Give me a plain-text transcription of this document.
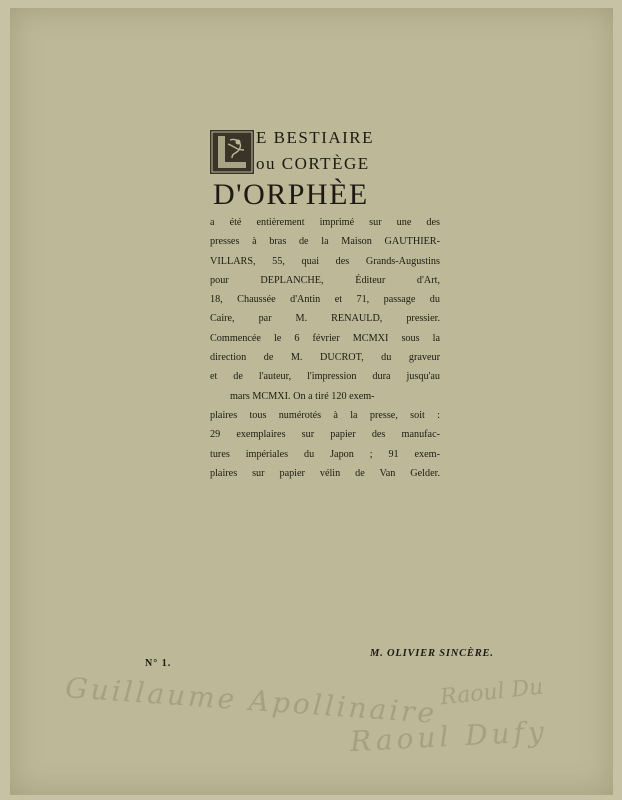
E BESTIAIRE
ou CORTÈGE
D'ORPHÈE
a été entièrement imprimé sur une des
presses à bras de la Maison GAUTHIER-
VILLARS, 55, quai des Grands-Augustins
pour DEPLANCHE, Éditeur d'Art,
18, Chaussée d'Antin et 71, passage du
Caire, par M. RENAULD, pressier.
Commencée le 6 février MCMXI sous la
direction de M. DUCROT, du graveur
et de l'auteur, l'impression dura jusqu'au
mars MCMXI. On a tiré 120 exem-
plaires tous numérotés à la presse, soit :
29 exemplaires sur papier des manufac-
tures impériales du Japon ; 91 exem-
plaires sur papier vélin de Van Gelder.
N° 1.
M. OLIVIER SINCÈRE.
Guillaume Apollinaire Raoul Du
Raoul Dufy
